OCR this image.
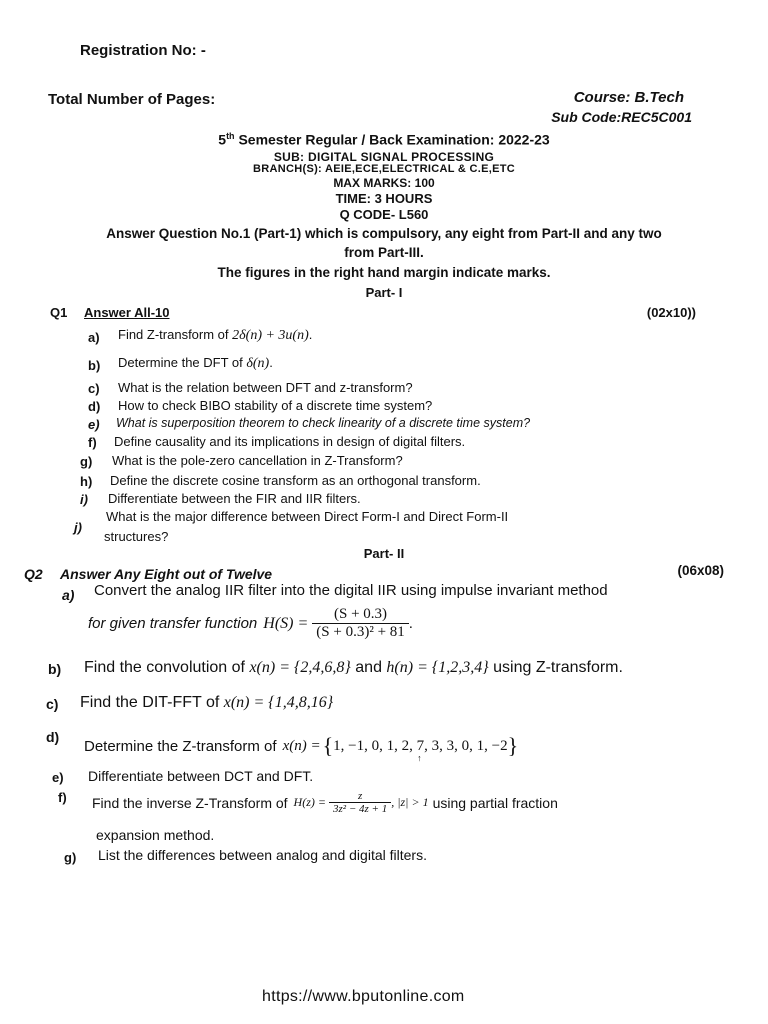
Registration No: -
Total Number of Pages:	Course: B.Tech
Sub Code:REC5C001
5th Semester Regular / Back Examination: 2022-23
SUB: DIGITAL SIGNAL PROCESSING
BRANCH(S): AEIE,ECE,ELECTRICAL & C.E,ETC
MAX MARKS: 100
TIME: 3 HOURS
Q CODE- L560
Answer Question No.1 (Part-1) which is compulsory, any eight from Part-II and any two
from Part-III.
The figures in the right hand margin indicate marks.
Part- I
Q1 Answer All-10	(02x10))
a) Find Z-transform of 2δ(n) + 3u(n).
b) Determine the DFT of δ(n).
c) What is the relation between DFT and z-transform?
d) How to check BIBO stability of a discrete time system?
e) What is superposition theorem to check linearity of a discrete time system?
f) Define causality and its implications in design of digital filters.
g) What is the pole-zero cancellation in Z-Transform?
h) Define the discrete cosine transform as an orthogonal transform.
i) Differentiate between the FIR and IIR filters.
j)
What is the major difference between Direct Form-I and Direct Form-II
structures?
Part- II
Q2 Answer Any Eight out of Twelve	(06x08)
a) Convert the analog IIR filter into the digital IIR using impulse invariant method
for given transfer function $H(S) = \frac{(S + 0.3)}{\text{(S + 0.3)² + 81}}$ .
b) Find the convolution of x(n) = {2,4,6,8} and h(n) = {1,2,3,4} using Z-transform.
c) Find the DIT-FFT of x(n) = {1,4,8,16}
d)
Determine the Z-transform of x(n) = { 1, −1, 0, 1, 2, 7, 3, 3, 0, 1, −2
↑	}
e) Differentiate between DCT and DFT.
f) Find the inverse Z-Transform of $H(z) = \frac{z}{\text{3z² − 4z + 1}}$ , |z| > 1 using partial fraction
expansion method.
g) List the differences between analog and digital filters.
https://www.bputonline.com
